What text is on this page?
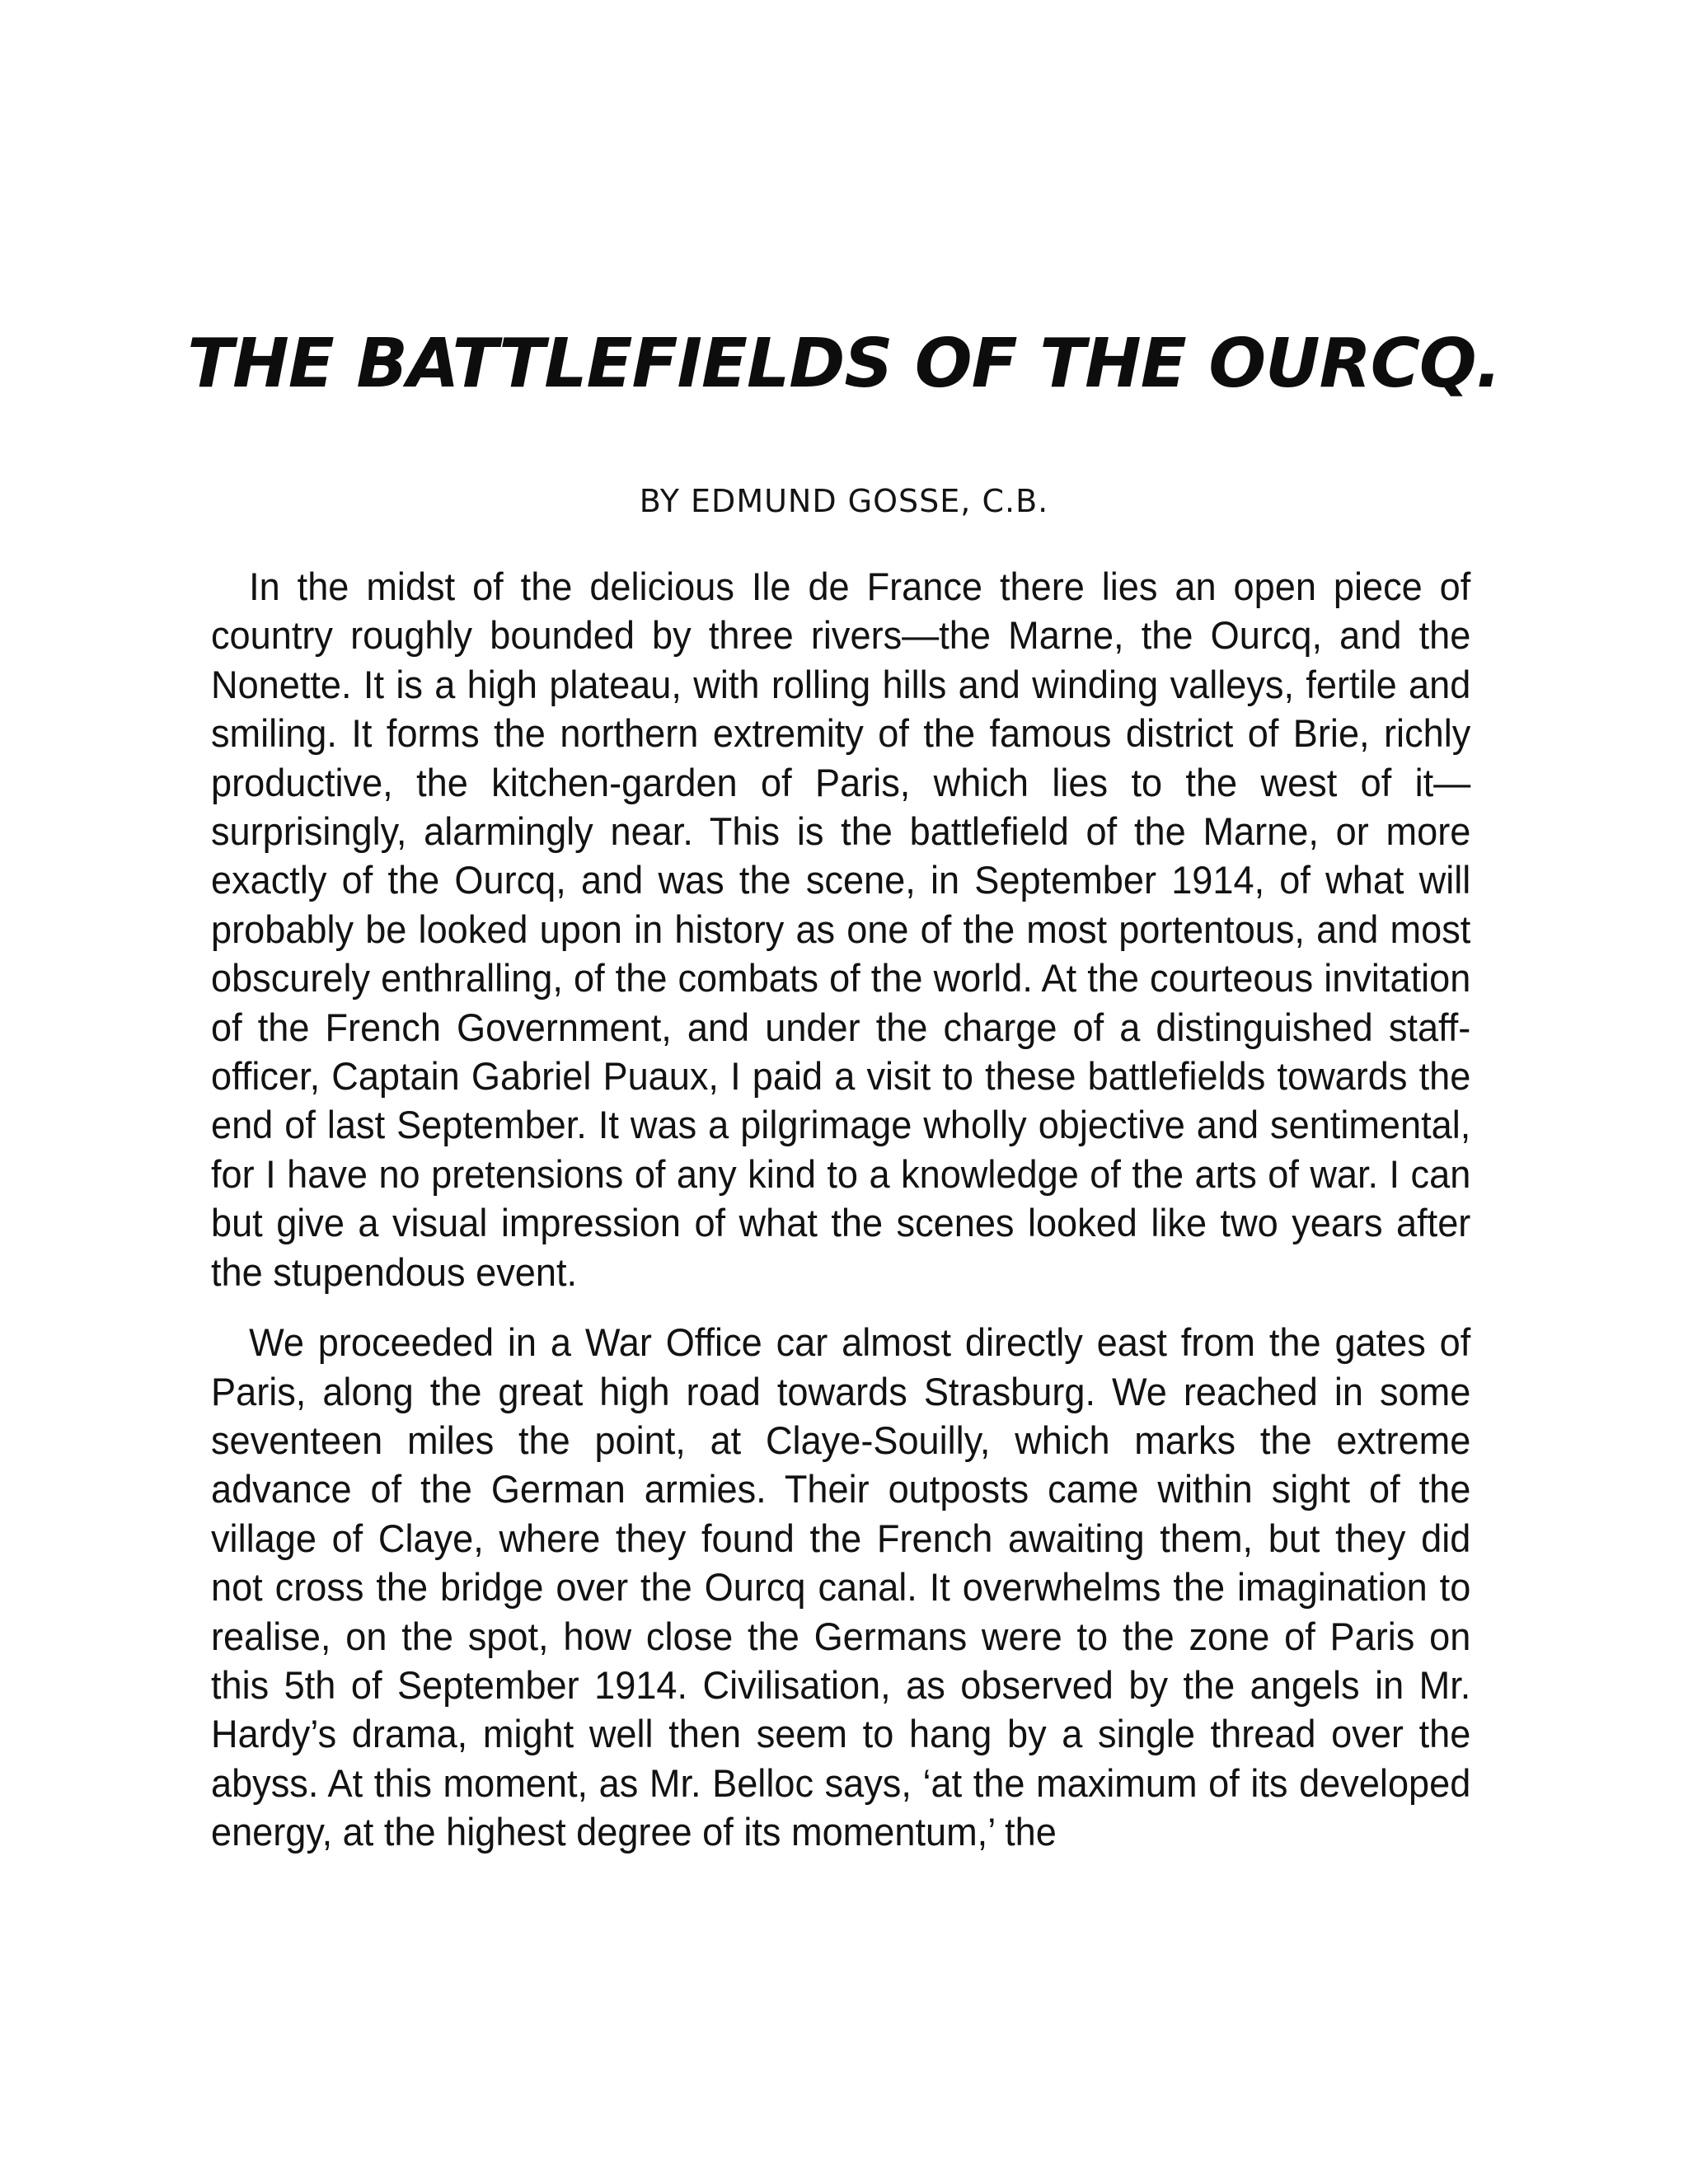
THE BATTLEFIELDS OF THE OURCQ.
BY EDMUND GOSSE, C.B.

In the midst of the delicious Ile de France there lies an open piece of country roughly bounded by three rivers—the Marne, the Ourcq, and the Nonette. It is a high plateau, with rolling hills and winding valleys, fertile and smiling. It forms the northern extremity of the famous district of Brie, richly productive, the kitchen-garden of Paris, which lies to the west of it—surprisingly, alarmingly near. This is the battlefield of the Marne, or more exactly of the Ourcq, and was the scene, in September 1914, of what will probably be looked upon in history as one of the most portentous, and most obscurely enthralling, of the combats of the world. At the courteous invitation of the French Government, and under the charge of a distinguished staff-officer, Captain Gabriel Puaux, I paid a visit to these battlefields towards the end of last September. It was a pilgrimage wholly objective and sentimental, for I have no pretensions of any kind to a knowledge of the arts of war. I can but give a visual impression of what the scenes looked like two years after the stupendous event.

We proceeded in a War Office car almost directly east from the gates of Paris, along the great high road towards Strasburg. We reached in some seventeen miles the point, at Claye-Souilly, which marks the extreme advance of the German armies. Their outposts came within sight of the village of Claye, where they found the French awaiting them, but they did not cross the bridge over the Ourcq canal. It overwhelms the imagination to realise, on the spot, how close the Germans were to the zone of Paris on this 5th of September 1914. Civilisation, as observed by the angels in Mr. Hardy’s drama, might well then seem to hang by a single thread over the abyss. At this moment, as Mr. Belloc says, ‘at the maximum of its developed energy, at the highest degree of its momentum,’ the
